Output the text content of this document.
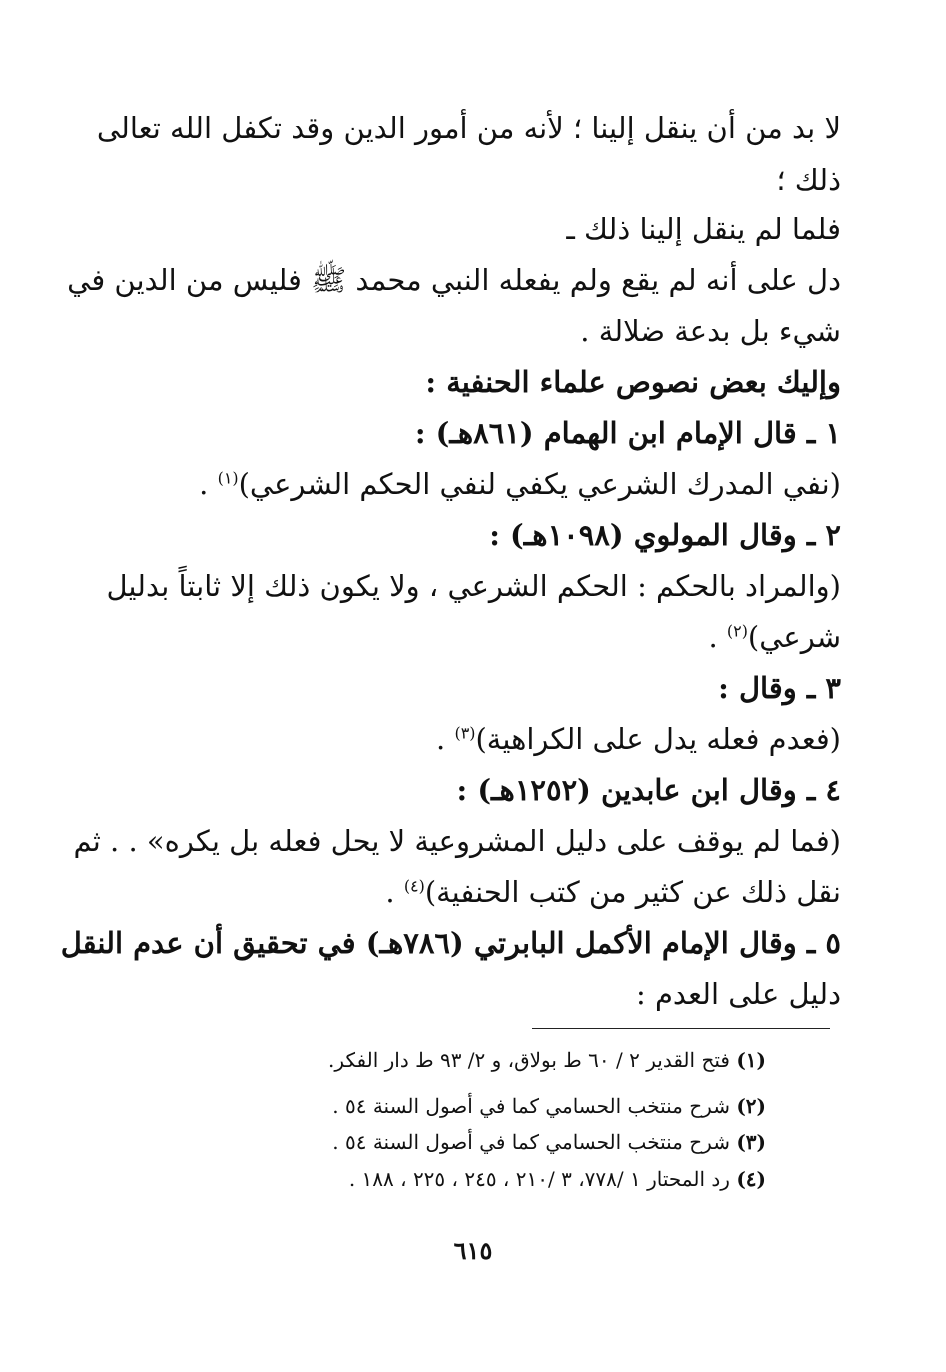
لا بد من أن ينقل إلينا ؛ لأنه من أمور الدين وقد تكفل الله تعالى
ذلك ؛
فلما لم ينقل إلينا ذلك ـ
دل على أنه لم يقع ولم يفعله النبي محمد ﷺ فليس من الدين في
شيء بل بدعة ضلالة .
وإليك بعض نصوص علماء الحنفية :
١ ـ قال الإمام ابن الهمام (٨٦١هـ) :
(نفي المدرك الشرعي يكفي لنفي الحكم الشرعي)$^{(١)}$ .
٢ ـ وقال المولوي (١٠٩٨هـ) :
(والمراد بالحكم : الحكم الشرعي ، ولا يكون ذلك إلا ثابتاً بدليل
شرعي)$^{(٢)}$ .
٣ ـ وقال :
(فعدم فعله يدل على الكراهية)$^{(٣)}$ .
٤ ـ وقال ابن عابدين (١٢٥٢هـ) :
(فما لم يوقف على دليل المشروعية لا يحل فعله بل يكره» . . ثم
نقل ذلك عن كثير من كتب الحنفية)$^{(٤)}$ .
٥ ـ وقال الإمام الأكمل البابرتي (٧٨٦هـ) في تحقيق أن عدم النقل
دليل على العدم :
(١) فتح القدير ٢ / ٦٠ ط بولاق، و ٢/ ٩٣ ط دار الفكر.
(٢) شرح منتخب الحسامي كما في أصول السنة ٥٤ .
(٣) شرح منتخب الحسامي كما في أصول السنة ٥٤ .
(٤) رد المحتار ١ /٧٧٨، ٣ /٢١٠ ، ٢٤٥ ، ٢٢٥ ، ١٨٨ .
٦١٥
